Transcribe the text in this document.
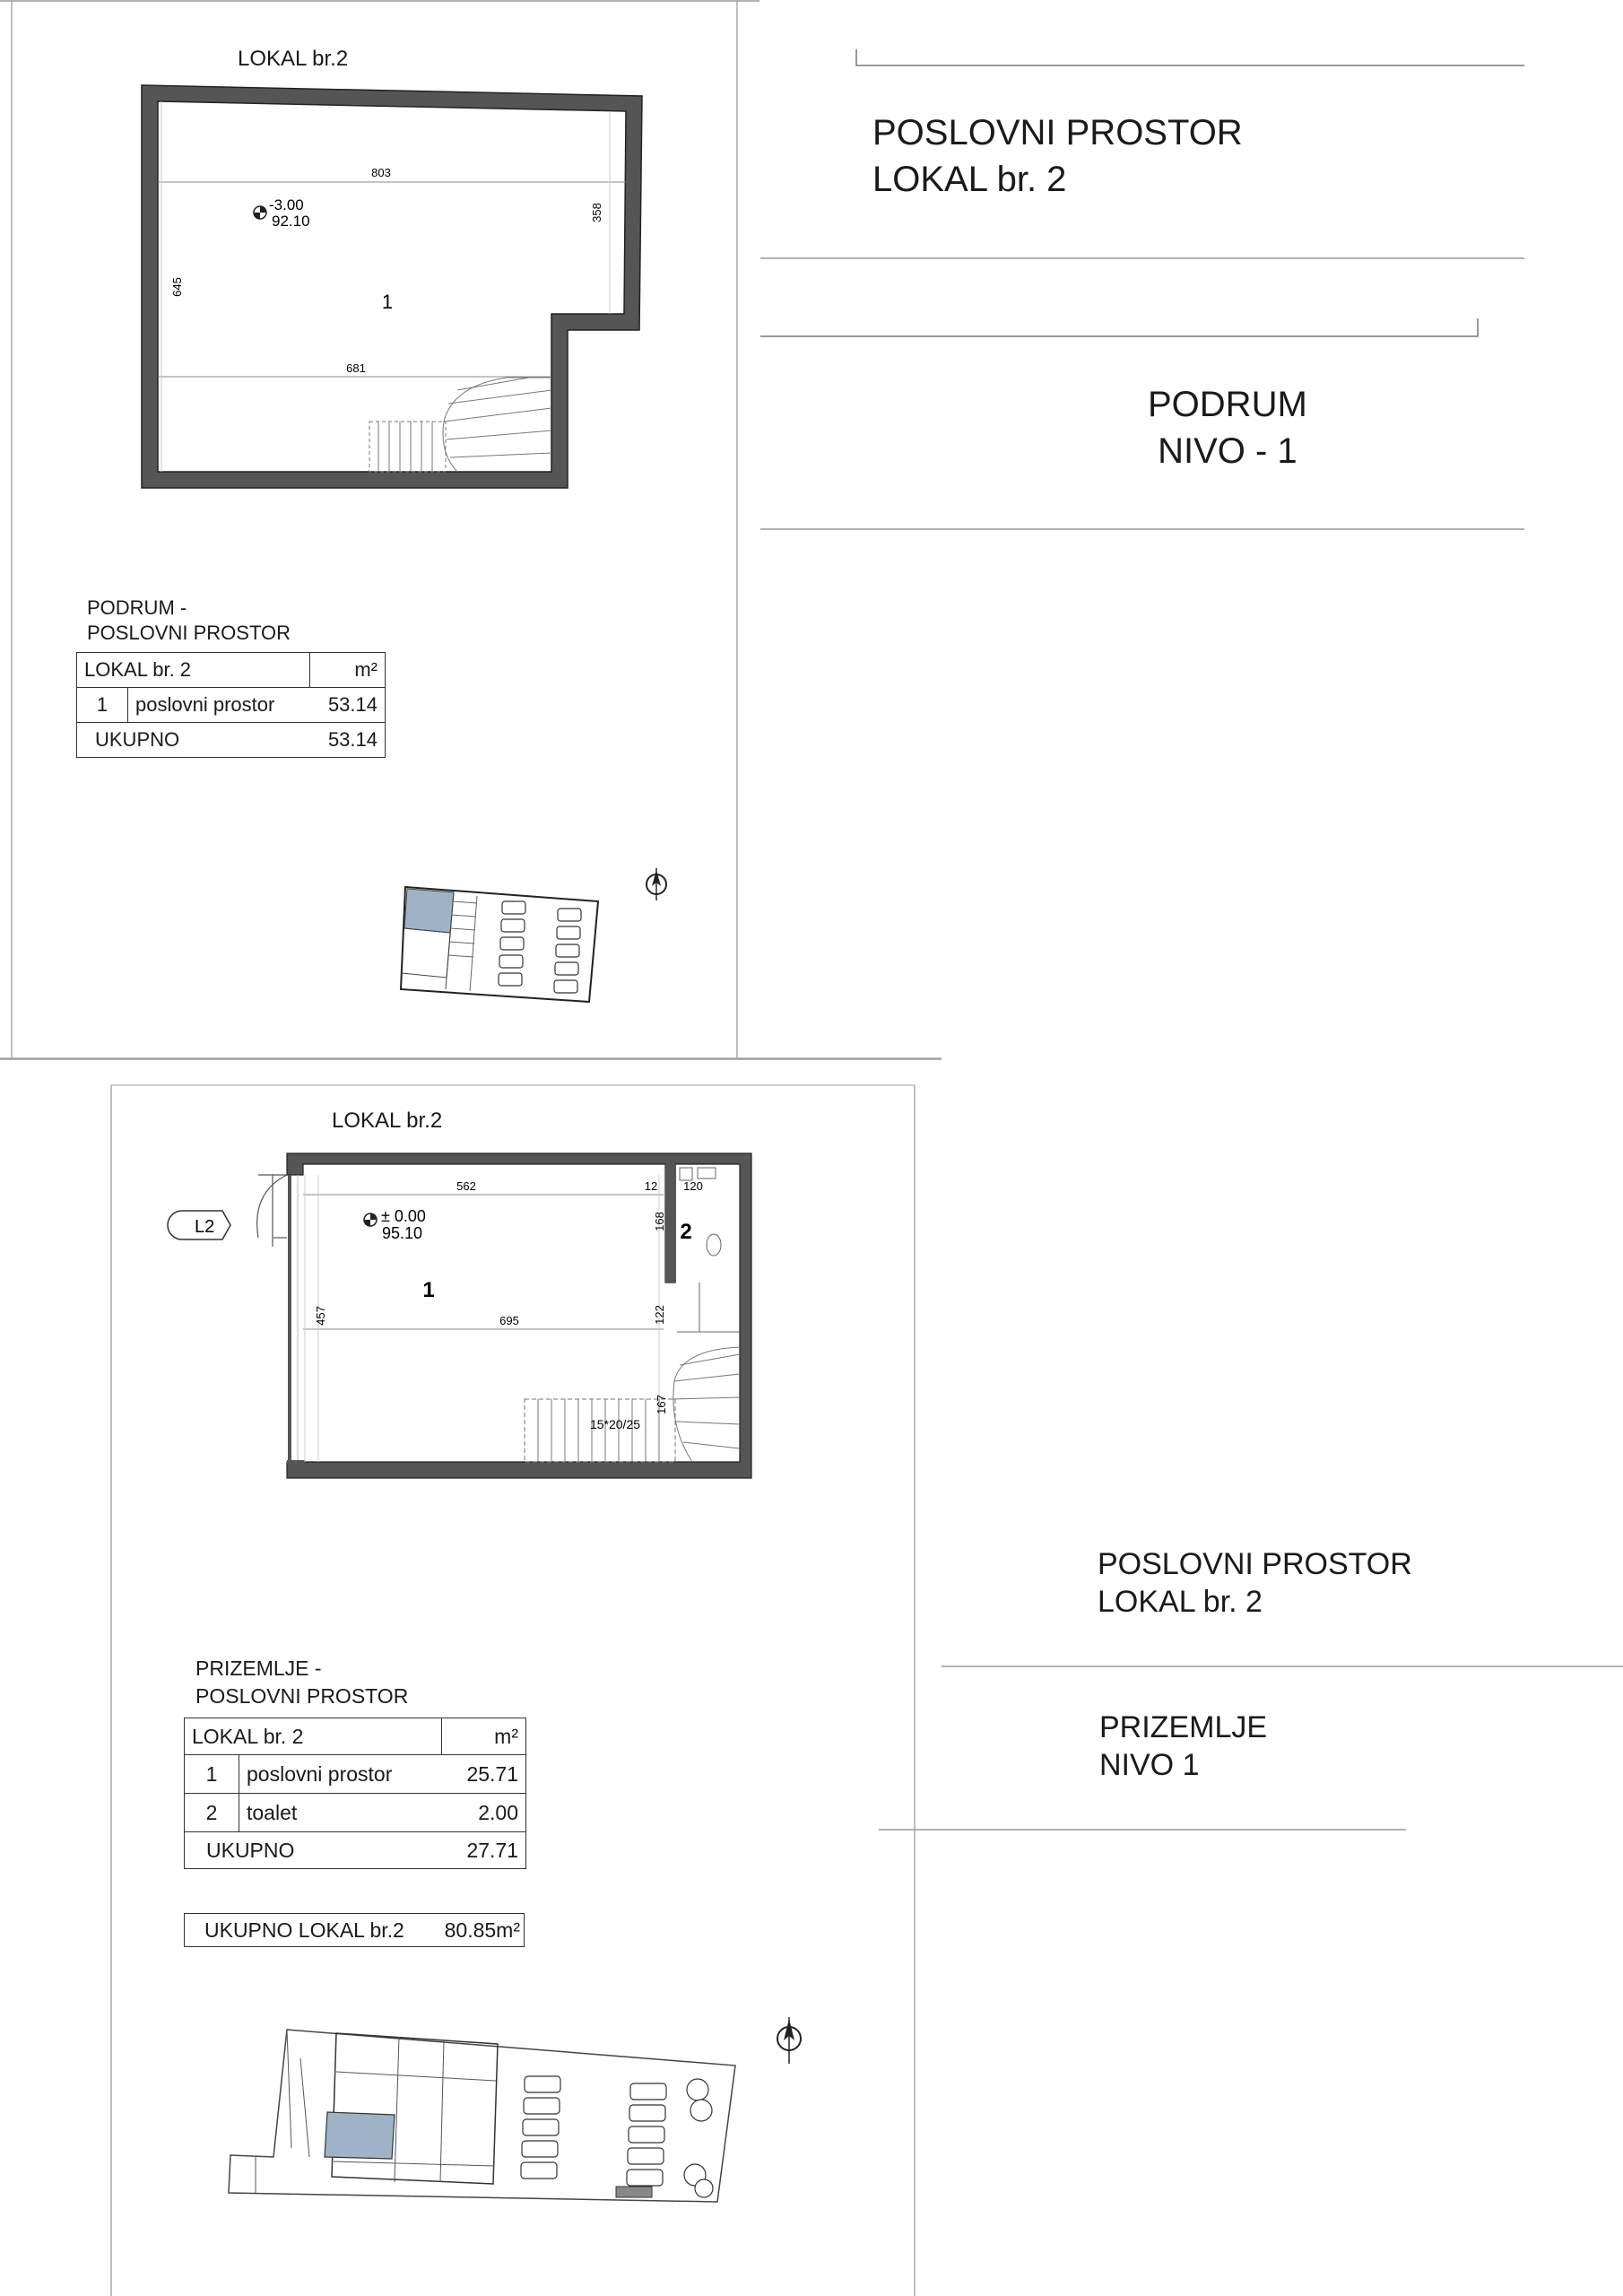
LOKAL br.2
-3.00
92.10
803
358
645
681
1
POSLOVNI PROSTOR
LOKAL br. 2
PODRUM
NIVO - 1
PODRUM -
POSLOVNI PROSTOR
LOKAL br. 2		m²
1	poslovni prostor	53.14
UKUPNO		53.14
LOKAL br.2
L2
± 0.00
95.10
562	12 120
168
457	695	122
167
15*20/25
1
2
POSLOVNI PROSTOR
LOKAL br. 2
PRIZEMLJE
NIVO 1
PRIZEMLJE -
POSLOVNI PROSTOR
LOKAL br. 2		m²
1	poslovni prostor	25.71
2	toalet	2.00
UKUPNO		27.71
UKUPNO LOKAL br.2 80.85m²
